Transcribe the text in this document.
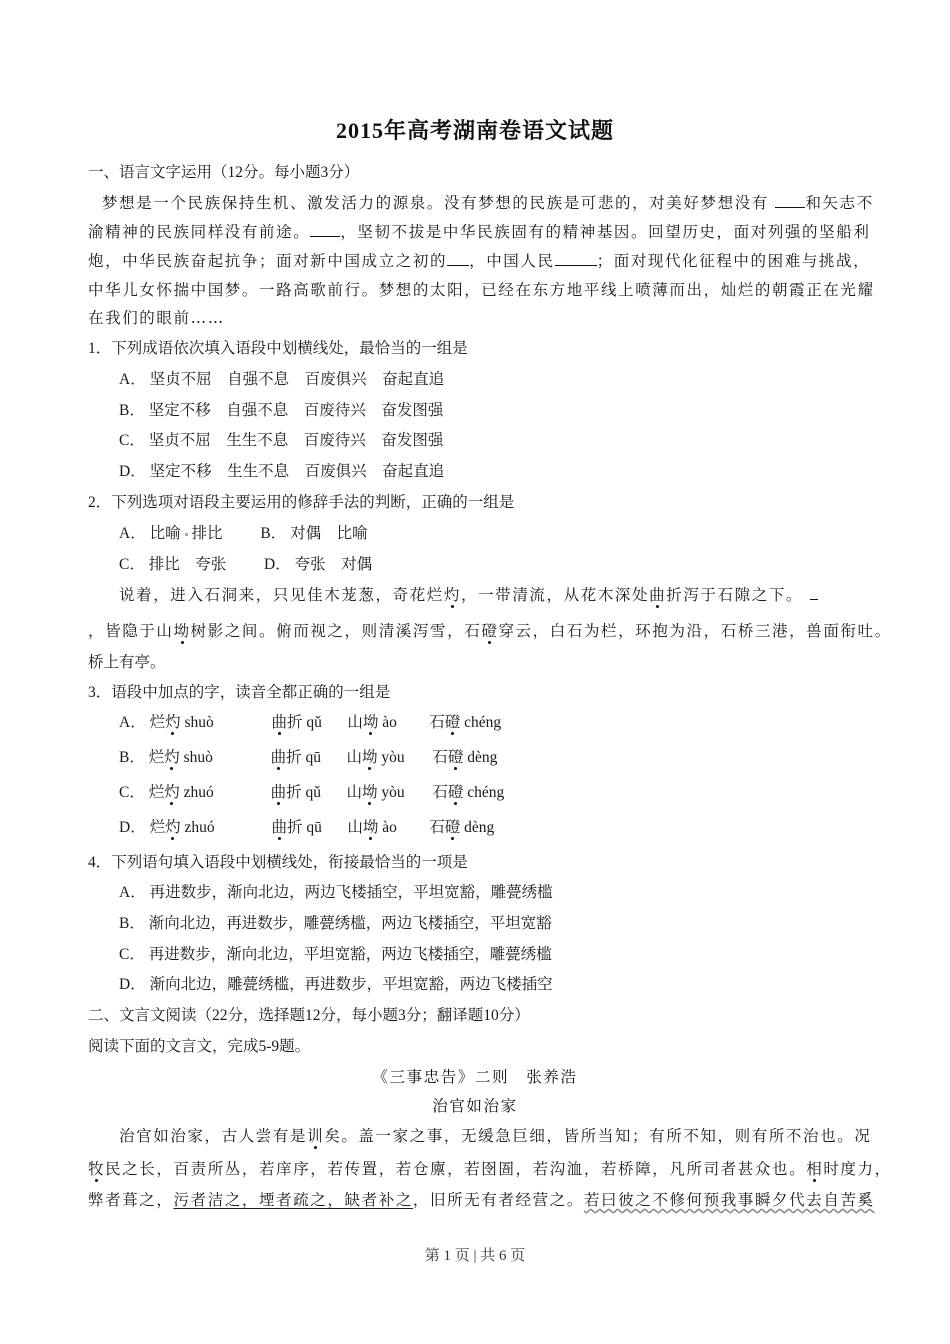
2015年高考湖南卷语文试题
一、语言文字运用（12分。每小题3分）
梦想是一个民族保持生机、激发活力的源泉。没有梦想的民族是可悲的，对美好梦想没有 和矢志不
渝精神的民族同样没有前途。 ，坚韧不拔是中华民族固有的精神基因。回望历史，面对列强的坚船利
炮，中华民族奋起抗争；面对新中国成立之初的 ，中国人民	；面对现代化征程中的困难与挑战，
中华儿女怀揣中国梦。一路高歌前行。梦想的太阳，已经在东方地平线上喷薄而出，灿烂的朝霞正在光耀
在我们的眼前……
1．下列成语依次填入语段中划横线处，最恰当的一组是
A． 坚贞不屈　 自强不息　 百废俱兴　 奋起直追
B． 坚定不移　 自强不息　 百废待兴　 奋发图强
C． 坚贞不屈　 生生不息　 百废待兴　 奋发图强
D． 坚定不移　 生生不息　 百废俱兴　 奋起直追
2．下列选项对语段主要运用的修辞手法的判断，正确的一组是
A． 比喻 排比 B． 对偶　 比喻
C． 排比　 夸张 D． 夸张　 对偶
说着，进入石洞来，只见佳木茏葱，奇花烂灼，一带清流，从花木深处曲折泻于石隙之下。
，皆隐于山坳树影之间。俯而视之，则清溪泻雪，石磴穿云，白石为栏，环抱为沿，石桥三港，兽面衔吐。
桥上有亭。
3．语段中加点的字，读音全都正确的一组是
A． 烂灼 shuò	曲折 qǔ 山坳 ào 石磴 chéng
B． 烂灼 shuò	曲折 qū 山坳 yòu 石磴 dèng
C． 烂灼 zhuó	曲折 qǔ 山坳 yòu 石磴 chéng
D． 烂灼 zhuó	曲折 qū 山坳 ào 石磴 dèng
4．下列语句填入语段中划横线处，衔接最恰当的一项是
A． 再进数步，渐向北边，两边飞楼插空，平坦宽豁，雕甍绣槛
B． 渐向北边，再进数步，雕甍绣槛，两边飞楼插空，平坦宽豁
C． 再进数步，渐向北边，平坦宽豁，两边飞楼插空，雕甍绣槛
D． 渐向北边，雕甍绣槛，再进数步，平坦宽豁，两边飞楼插空
二、文言文阅读（22分，选择题12分，每小题3分；翻译题10分）
阅读下面的文言文，完成5-9题。
《三事忠告》二则　张养浩
治官如治家
治官如治家，古人尝有是训矣。盖一家之事，无缓急巨细，皆所当知；有所不知，则有所不治也。况
牧民之长，百责所丛，若庠序，若传置，若仓廪，若囹圄，若沟洫，若桥障，凡所司者甚众也。相时度力，
弊者葺之，污者洁之，堙者疏之，缺者补之，旧所无有者经营之。若曰彼之不修何预我事瞬夕代去自苦奚
第 1 页 | 共 6 页
